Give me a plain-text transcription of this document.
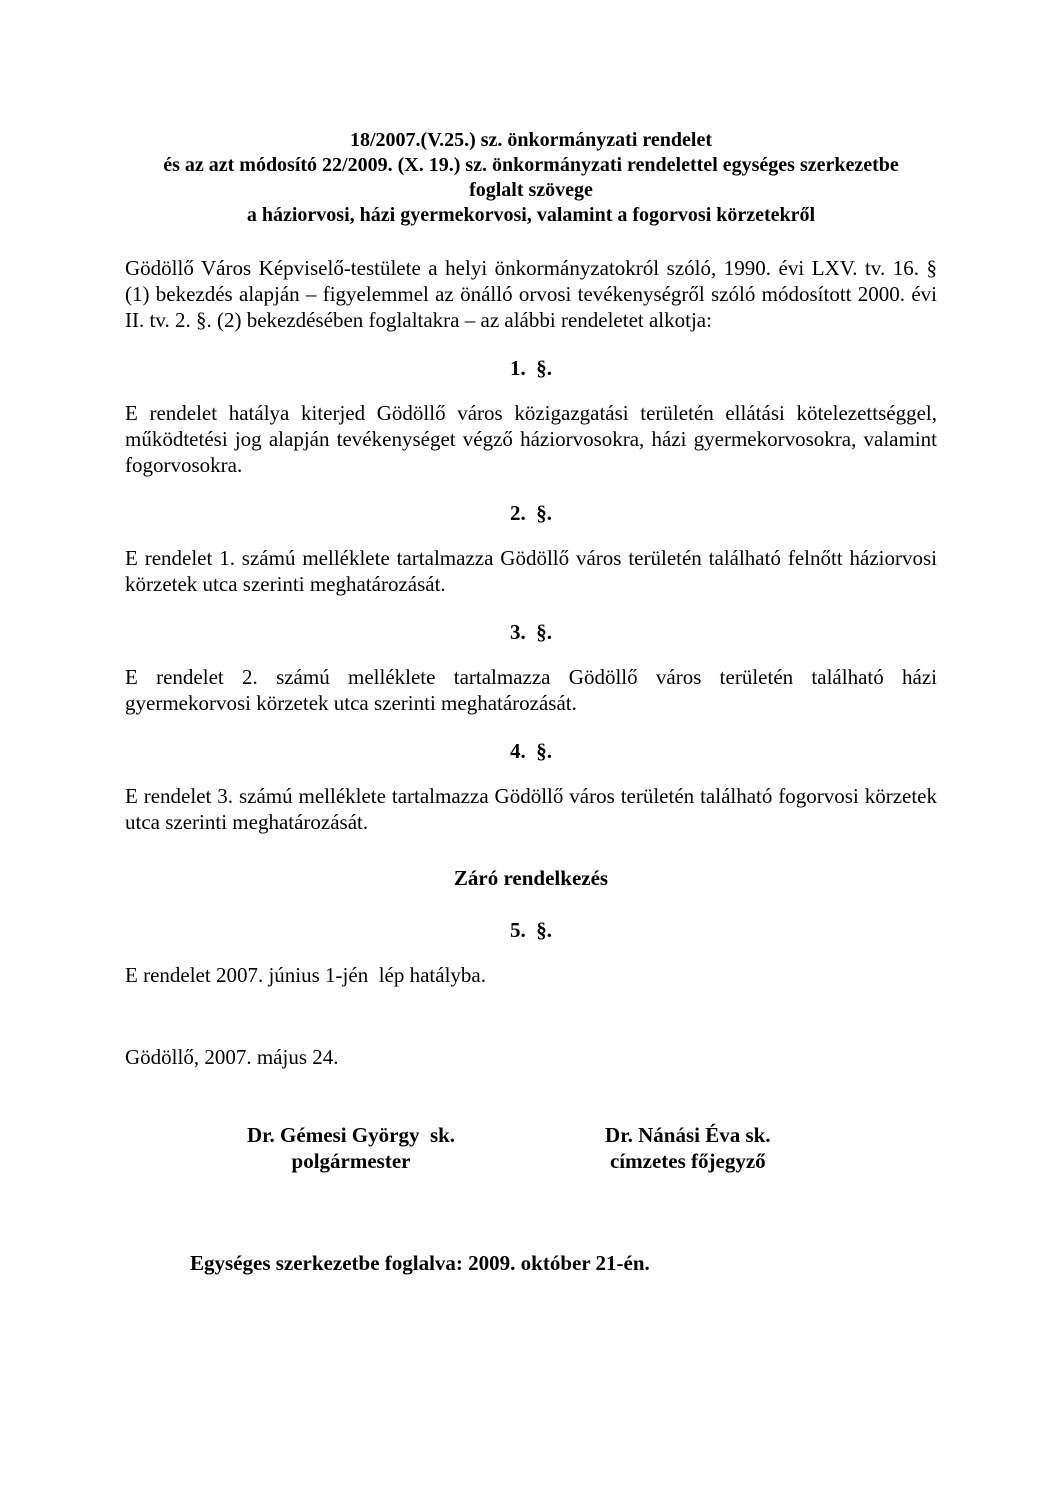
18/2007.(V.25.) sz. önkormányzati rendelet
és az azt módosító 22/2009. (X. 19.) sz. önkormányzati rendelettel egységes szerkezetbe
foglalt szövege
a háziorvosi, házi gyermekorvosi, valamint a fogorvosi körzetekről

Gödöllő Város Képviselő-testülete a helyi önkormányzatokról szóló, 1990. évi LXV. tv. 16. § (1) bekezdés alapján – figyelemmel az önálló orvosi tevékenységről szóló módosított 2000. évi II. tv. 2. §. (2) bekezdésében foglaltakra – az alábbi rendeletet alkotja:

1.  §.

E rendelet hatálya kiterjed Gödöllő város közigazgatási területén ellátási kötelezettséggel, működtetési jog alapján tevékenységet végző háziorvosokra, házi gyermekorvosokra, valamint fogorvosokra.

2.  §.

E rendelet 1. számú melléklete tartalmazza Gödöllő város területén található felnőtt háziorvosi körzetek utca szerinti meghatározását.

3.  §.

E rendelet 2. számú melléklete tartalmazza Gödöllő város területén található házi gyermekorvosi körzetek utca szerinti meghatározását.

4.  §.

E rendelet 3. számú melléklete tartalmazza Gödöllő város területén található fogorvosi körzetek utca szerinti meghatározását.

Záró rendelkezés
5.  §.

E rendelet 2007. június 1-jén  lép hatályba.

Gödöllő, 2007. május 24.

Dr. Gémesi György  sk.
polgármester
Dr. Nánási Éva sk.
címzetes főjegyző

Egységes szerkezetbe foglalva: 2009. október 21-én.
